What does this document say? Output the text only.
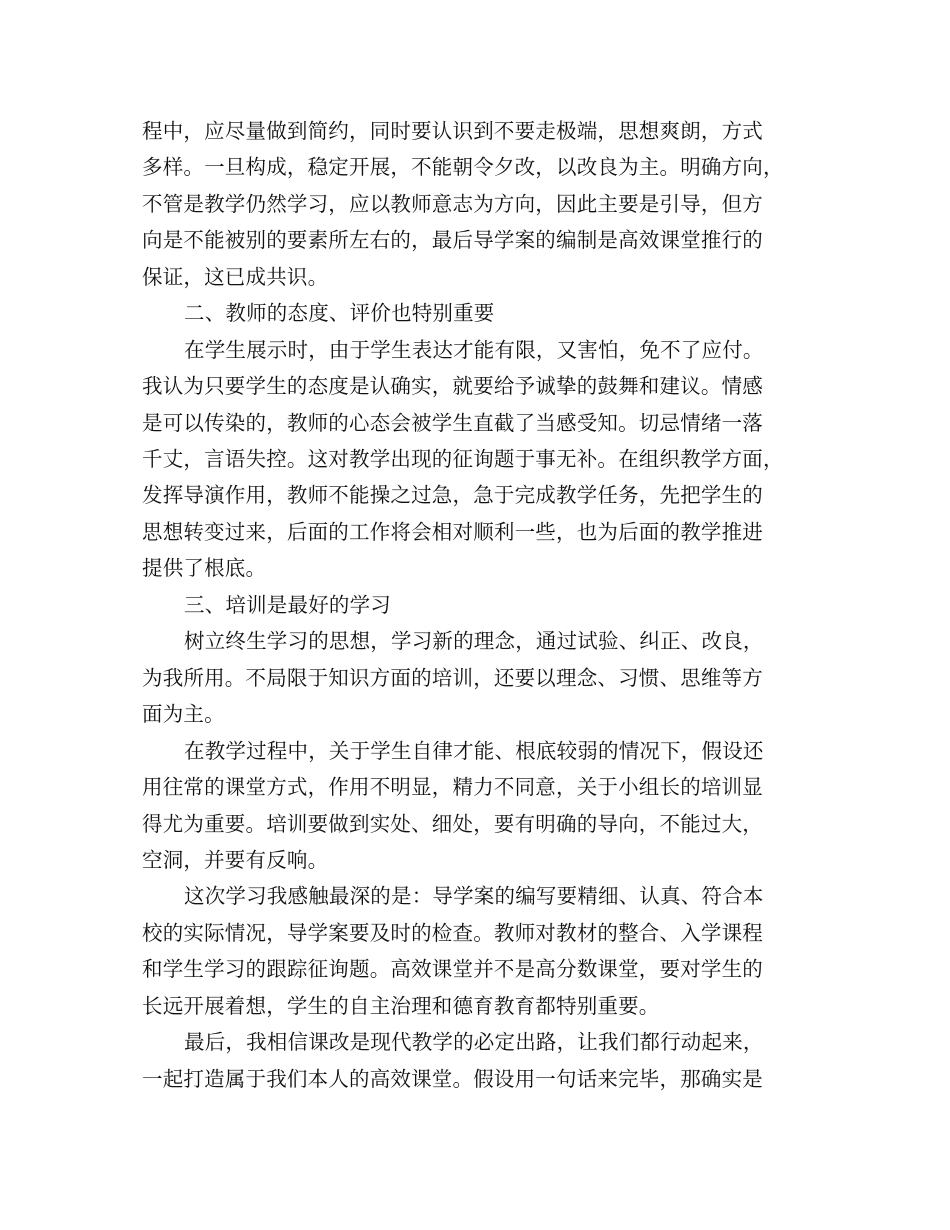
程中，应尽量做到简约，同时要认识到不要走极端，思想爽朗，方式
多样。一旦构成，稳定开展，不能朝令夕改，以改良为主。明确方向，
不管是教学仍然学习，应以教师意志为方向，因此主要是引导，但方
向是不能被别的要素所左右的，最后导学案的编制是高效课堂推行的
保证，这已成共识。
二、教师的态度、评价也特别重要
在学生展示时，由于学生表达才能有限，又害怕，免不了应付。
我认为只要学生的态度是认确实，就要给予诚挚的鼓舞和建议。情感
是可以传染的，教师的心态会被学生直截了当感受知。切忌情绪一落
千丈，言语失控。这对教学出现的征询题于事无补。在组织教学方面，
发挥导演作用，教师不能操之过急，急于完成教学任务，先把学生的
思想转变过来，后面的工作将会相对顺利一些，也为后面的教学推进
提供了根底。
三、培训是最好的学习
树立终生学习的思想，学习新的理念，通过试验、纠正、改良，
为我所用。不局限于知识方面的培训，还要以理念、习惯、思维等方
面为主。
在教学过程中，关于学生自律才能、根底较弱的情况下，假设还
用往常的课堂方式，作用不明显，精力不同意，关于小组长的培训显
得尤为重要。培训要做到实处、细处，要有明确的导向，不能过大，
空洞，并要有反响。
这次学习我感触最深的是：导学案的编写要精细、认真、符合本
校的实际情况，导学案要及时的检查。教师对教材的整合、入学课程
和学生学习的跟踪征询题。高效课堂并不是高分数课堂，要对学生的
长远开展着想，学生的自主治理和德育教育都特别重要。
最后，我相信课改是现代教学的必定出路，让我们都行动起来，
一起打造属于我们本人的高效课堂。假设用一句话来完毕，那确实是
